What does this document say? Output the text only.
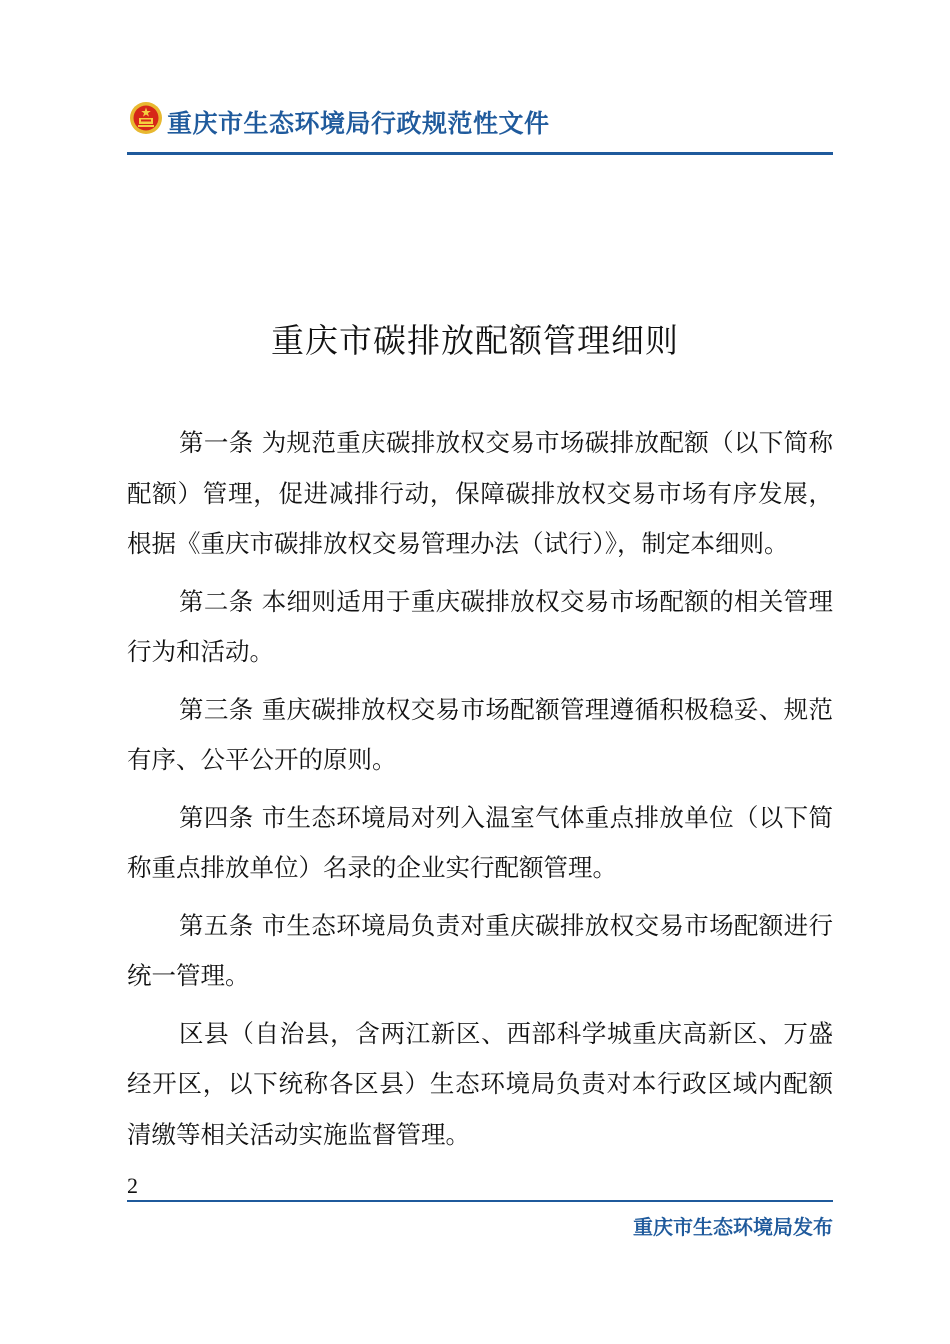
重庆市生态环境局行政规范性文件
重庆市碳排放配额管理细则

第一条 为规范重庆碳排放权交易市场碳排放配额（以下简称配额）管理，促进减排行动，保障碳排放权交易市场有序发展，根据《重庆市碳排放权交易管理办法（试行）》，制定本细则。

第二条 本细则适用于重庆碳排放权交易市场配额的相关管理行为和活动。

第三条 重庆碳排放权交易市场配额管理遵循积极稳妥、规范有序、公平公开的原则。

第四条 市生态环境局对列入温室气体重点排放单位（以下简称重点排放单位）名录的企业实行配额管理。

第五条 市生态环境局负责对重庆碳排放权交易市场配额进行统一管理。

区县（自治县，含两江新区、西部科学城重庆高新区、万盛经开区，以下统称各区县）生态环境局负责对本行政区域内配额清缴等相关活动实施监督管理。

2
重庆市生态环境局发布
